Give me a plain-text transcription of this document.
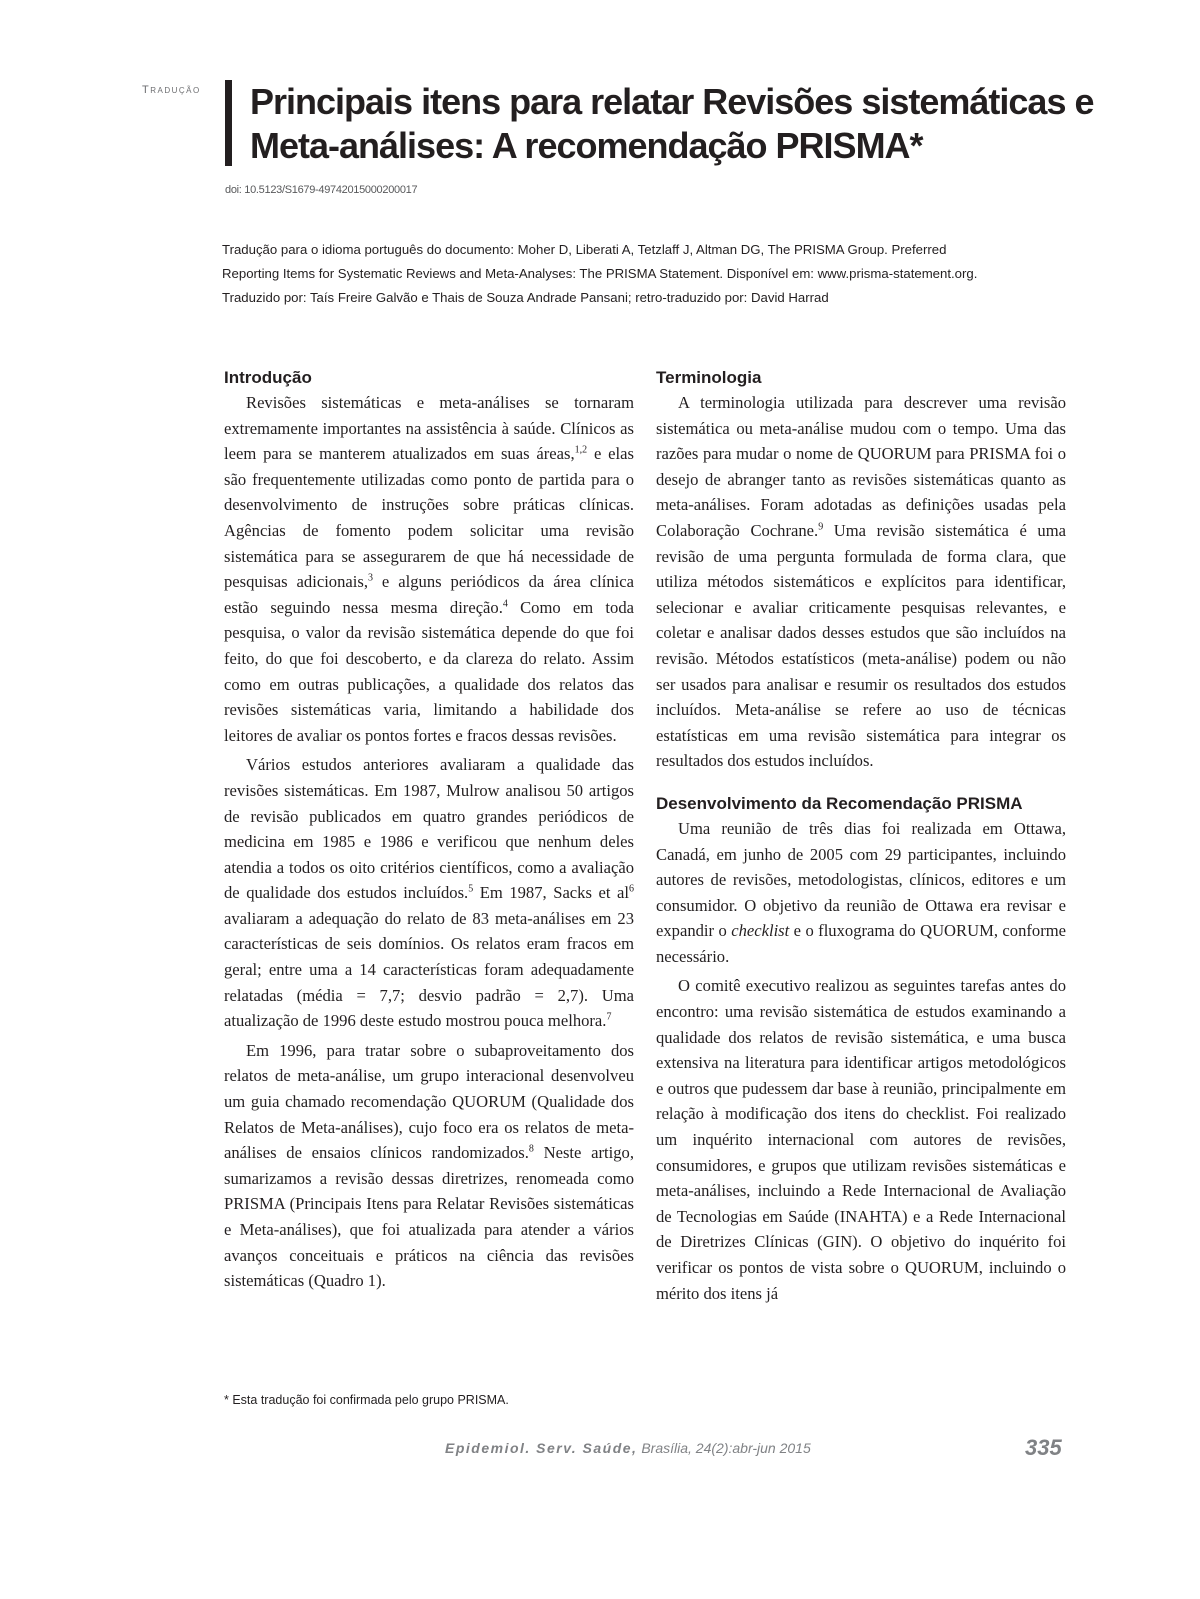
Tradução Principais itens para relatar Revisões sistemáticas e Meta-análises: A recomendação PRISMA*
doi: 10.5123/S1679-49742015000200017

Tradução para o idioma português do documento: Moher D, Liberati A, Tetzlaff J, Altman DG, The PRISMA Group. Preferred

Reporting Items for Systematic Reviews and Meta-Analyses: The PRISMA Statement. Disponível em: www.prisma-statement.org.

Traduzido por: Taís Freire Galvão e Thais de Souza Andrade Pansani; retro-traduzido por: David Harrad

Introdução

Revisões sistemáticas e meta-análises se tornaram extremamente importantes na assistência à saúde. Clínicos as leem para se manterem atualizados em suas áreas,$^{1,2}$ e elas são frequentemente utilizadas como ponto de partida para o desenvolvimento de instruções sobre práticas clínicas. Agências de fomento podem solicitar uma revisão sistemática para se assegurarem de que há necessidade de pesquisas adicionais,$^3$ e alguns periódicos da área clínica estão seguindo nessa mesma direção.$^4$ Como em toda pesquisa, o valor da revisão sistemática depende do que foi feito, do que foi descoberto, e da clareza do relato. Assim como em outras publicações, a qualidade dos relatos das revisões sistemáticas varia, limitando a habilidade dos leitores de avaliar os pontos fortes e fracos dessas revisões.

Vários estudos anteriores avaliaram a qualidade das revisões sistemáticas. Em 1987, Mulrow analisou 50 artigos de revisão publicados em quatro grandes periódicos de medicina em 1985 e 1986 e verificou que nenhum deles atendia a todos os oito critérios científicos, como a avaliação de qualidade dos estudos incluídos.$^5$ Em 1987, Sacks et $al^6$ avaliaram a adequação do relato de 83 meta-análises em 23 características de seis domínios. Os relatos eram fracos em geral; entre uma a 14 características foram adequadamente relatadas (média = 7,7; desvio padrão = 2,7). Uma atualização de 1996 deste estudo mostrou pouca melhora.$^7$

Em 1996, para tratar sobre o subaproveitamento dos relatos de meta-análise, um grupo interacional desenvolveu um guia chamado recomendação QUORUM (Qualidade dos Relatos de Meta-análises), cujo foco era os relatos de meta-análises de ensaios clínicos randomizados.$^8$ Neste artigo, sumarizamos a revisão dessas diretrizes, renomeada como PRISMA (Principais Itens para Relatar Revisões sistemáticas e Meta-análises), que foi atualizada para atender a vários avanços conceituais e práticos na ciência das revisões sistemáticas (Quadro 1).

Terminologia

A terminologia utilizada para descrever uma revisão sistemática ou meta-análise mudou com o tempo. Uma das razões para mudar o nome de QUORUM para PRISMA foi o desejo de abranger tanto as revisões sistemáticas quanto as meta-análises. Foram adotadas as definições usadas pela Colaboração Cochrane.$^9$ Uma revisão sistemática é uma revisão de uma pergunta formulada de forma clara, que utiliza métodos sistemáticos e explícitos para identificar, selecionar e avaliar criticamente pesquisas relevantes, e coletar e analisar dados desses estudos que são incluídos na revisão. Métodos estatísticos (meta-análise) podem ou não ser usados para analisar e resumir os resultados dos estudos incluídos. Meta-análise se refere ao uso de técnicas estatísticas em uma revisão sistemática para integrar os resultados dos estudos incluídos.

Desenvolvimento da Recomendação PRISMA

Uma reunião de três dias foi realizada em Ottawa, Canadá, em junho de 2005 com 29 participantes, incluindo autores de revisões, metodologistas, clínicos, editores e um consumidor. O objetivo da reunião de Ottawa era revisar e expandir o checklist e o fluxograma do QUORUM, conforme necessário.

O comitê executivo realizou as seguintes tarefas antes do encontro: uma revisão sistemática de estudos examinando a qualidade dos relatos de revisão sistemática, e uma busca extensiva na literatura para identificar artigos metodológicos e outros que pudessem dar base à reunião, principalmente em relação à modificação dos itens do checklist. Foi realizado um inquérito internacional com autores de revisões, consumidores, e grupos que utilizam revisões sistemáticas e meta-análises, incluindo a Rede Internacional de Avaliação de Tecnologias em Saúde (INAHTA) e a Rede Internacional de Diretrizes Clínicas (GIN). O objetivo do inquérito foi verificar os pontos de vista sobre o QUORUM, incluindo o mérito dos itens já

* Esta tradução foi confirmada pelo grupo PRISMA.
Epidemiol. Serv. Saúde, Brasília, 24(2):abr-jun 2015	335
